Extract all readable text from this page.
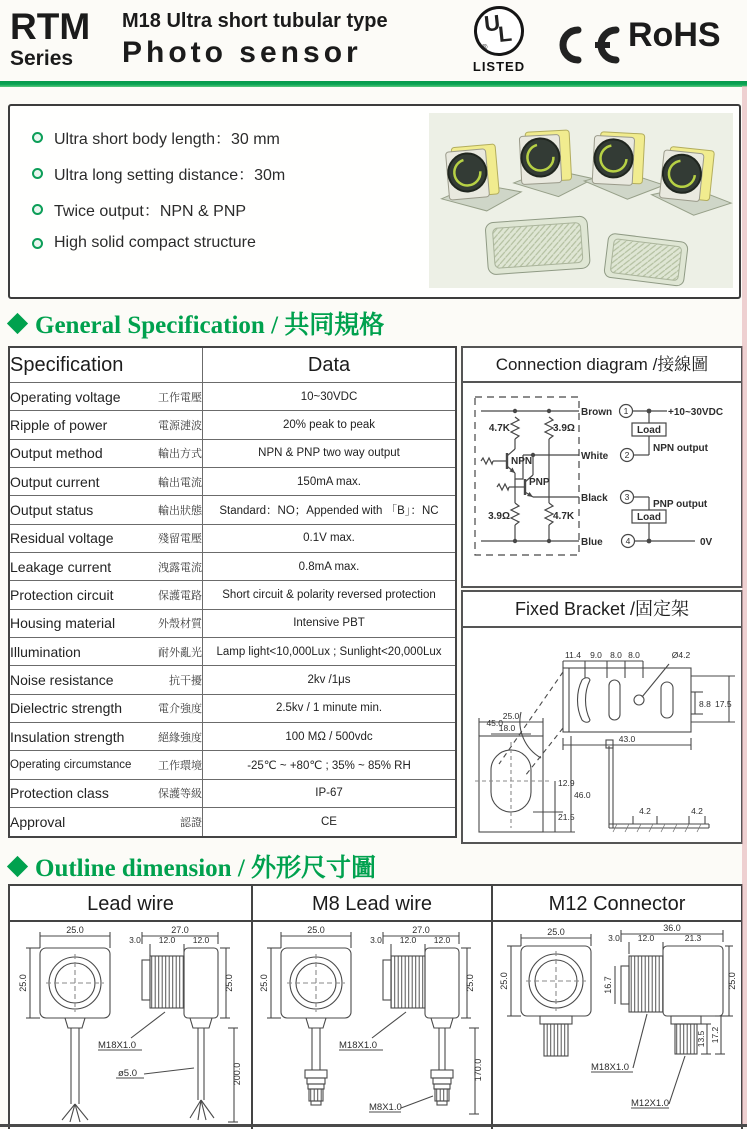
RTM
Series
M18 Ultra short tubular type
Photo sensor
U
L
®
LISTED
RoHS
Ultra short body length：30 mm
Ultra long setting distance：30m
Twice output：NPN & PNP
High solid compact structure
General Specification / 共同規格
Specification	Data

Operating voltage 工作電壓	10~30VDC

Ripple of power 電源漣波	20% peak to peak

Output method 輸出方式	NPN & PNP two way output

Output current 輸出電流	150mA max.

Output status 輸出狀態	Standard：NO；Appended with 「B」：NC

Residual voltage 殘留電壓	0.1V max.

Leakage current 洩露電流	0.8mA max.

Protection circuit 保護電路	Short circuit & polarity reversed protection

Housing material 外殼材質	Intensive PBT

Illumination 耐外亂光	Lamp light<10,000Lux ; Sunlight<20,000Lux

Noise resistance 抗干擾	2kv /1μs

Dielectric strength 電介強度	2.5kv / 1 minute min.

Insulation strength 絕緣強度	100 MΩ / 500vdc

Operating circumstance 工作環境	-25℃ ~ +80℃ ; 35% ~ 85% RH

Protection class 保護等級	IP-67

Approval 認證	CE
Connection diagram /接線圖
4.7K	3.9Ω
NPN
PNP
3.9Ω	4.7K
Brown
White
Black
Blue
+10~30VDC
NPN output
PNP output
0V
1
2
3
4
Load
Load
Fixed Bracket /固定架
11.4 9.0 8.0 8.0	Ø4.2
43.0
25.0
18.0
4.2	4.2
45.0
8.8 17.5
12.9
46.0
21.5
Outline dimension / 外形尺寸圖
Lead wire	M8 Lead wire	M12 Connector
25.0	27.0
3.0 12.0 12.0
25.0	25.0
200.0
M18X1.0
ø5.0
25.0	27.0
3.0 12.0 12.0
25.0	25.0
170.0
M18X1.0
M8X1.0
25.0	36.0
3.0 12.0	21.3
25.0	16.7	25.0
13.5 17.2
M18X1.0
M12X1.0
